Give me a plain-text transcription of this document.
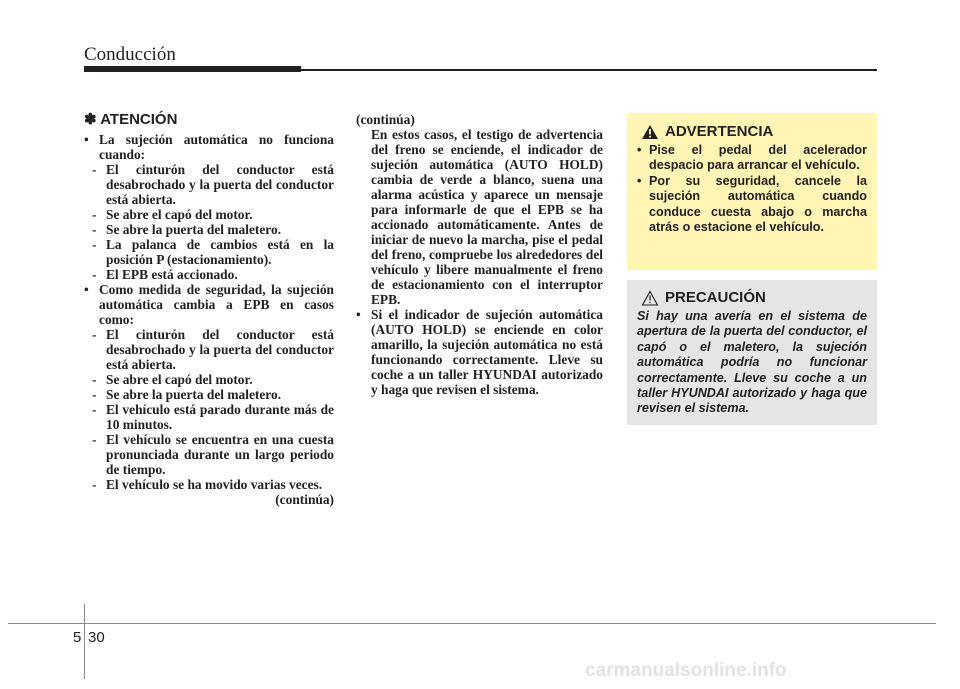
Conducción
✽ ATENCIÓN
• La sujeción automática no funciona cuando:
- El cinturón del conductor está desabrochado y la puerta del conductor está abierta.
- Se abre el capó del motor.
- Se abre la puerta del maletero.
- La palanca de cambios está en la posición P (estacionamiento).
- El EPB está accionado.
• Como medida de seguridad, la sujeción automática cambia a EPB en casos como:
- El cinturón del conductor está desabrochado y la puerta del conductor está abierta.
- Se abre el capó del motor.
- Se abre la puerta del maletero.
- El vehículo está parado durante más de 10 minutos.
- El vehículo se encuentra en una cuesta pronunciada durante un largo periodo de tiempo.
- El vehículo se ha movido varias veces.
(continúa)
(continúa)
En estos casos, el testigo de advertencia del freno se enciende, el indicador de sujeción automática (AUTO HOLD) cambia de verde a blanco, suena una alarma acústica y aparece un mensaje para informarle de que el EPB se ha accionado automáticamente. Antes de iniciar de nuevo la marcha, pise el pedal del freno, compruebe los alrededores del vehículo y libere manualmente el freno de estacionamiento con el interruptor EPB.
• Si el indicador de sujeción automática (AUTO HOLD) se enciende en color amarillo, la sujeción automática no está funcionando correctamente. Lleve su coche a un taller HYUNDAI autorizado y haga que revisen el sistema.
ADVERTENCIA
• Pise el pedal del acelerador despacio para arrancar el vehículo.
• Por su seguridad, cancele la sujeción automática cuando conduce cuesta abajo o marcha atrás o estacione el vehículo.
PRECAUCIÓN
Si hay una avería en el sistema de apertura de la puerta del conductor, el capó o el maletero, la sujeción automática podría no funcionar correctamente. Lleve su coche a un taller HYUNDAI autorizado y haga que revisen el sistema.
5 30
carmanualsonline.info
